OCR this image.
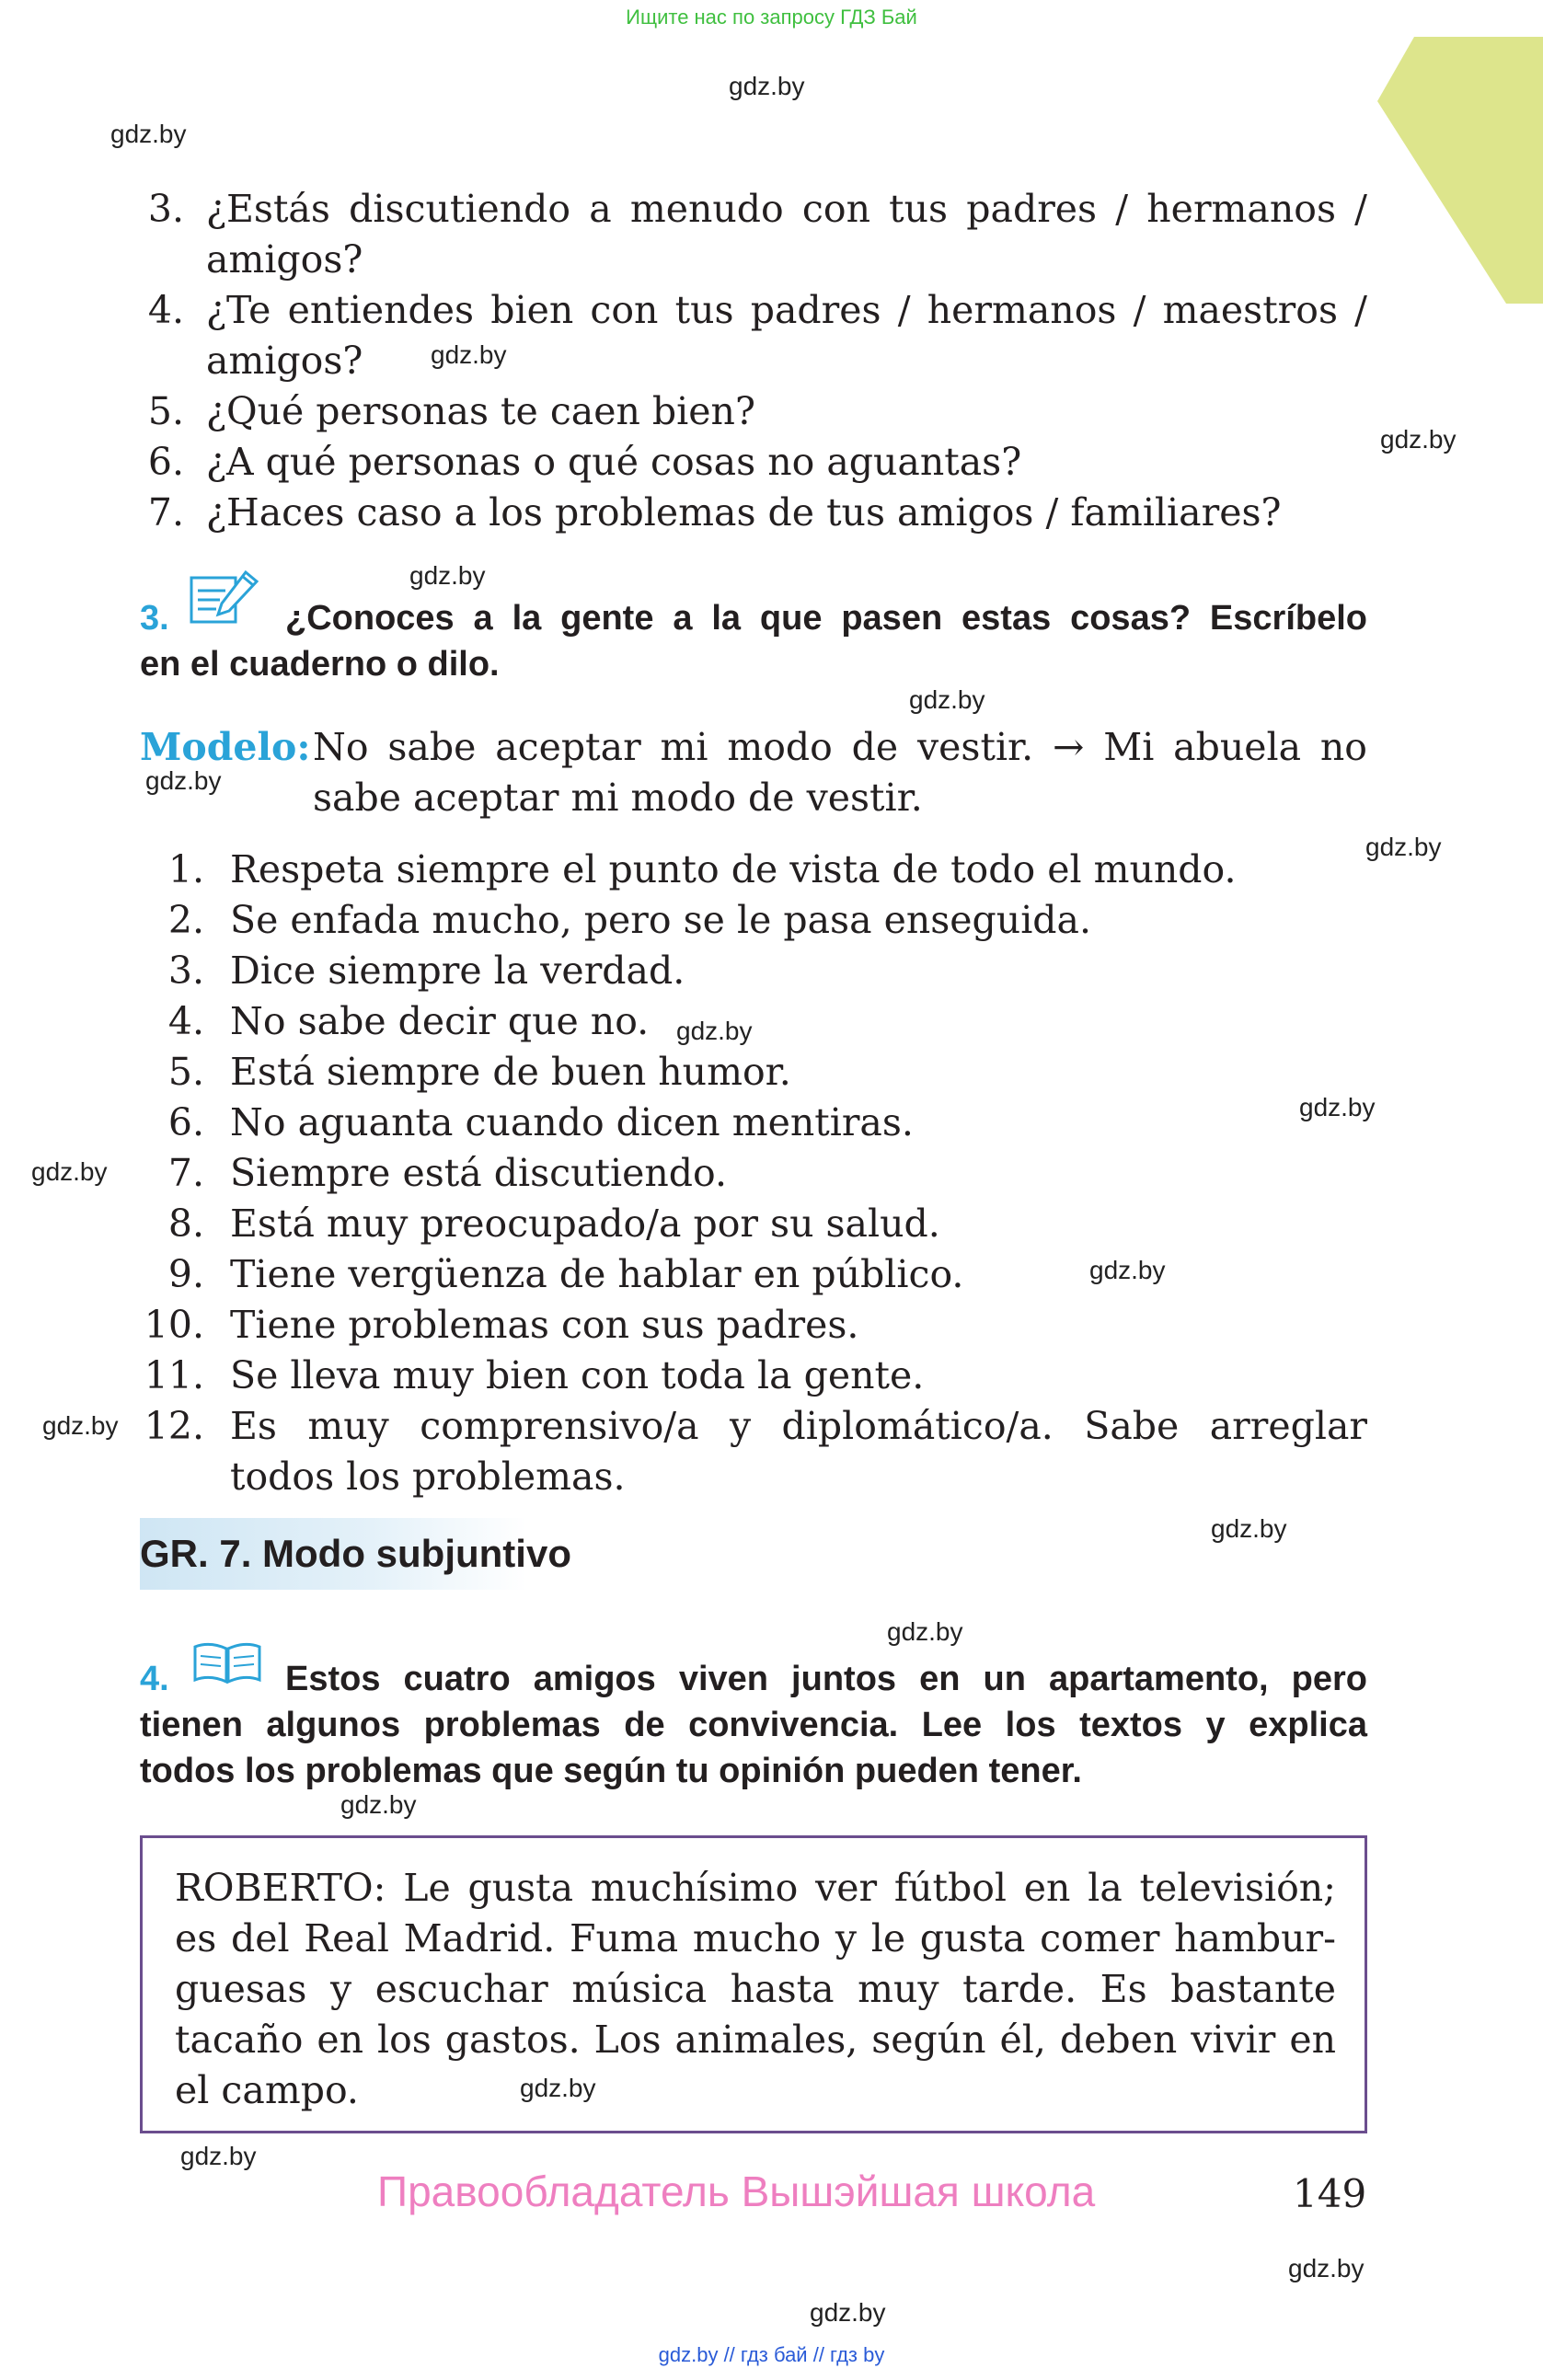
Ищите нас по запросу ГДЗ Бай
gdz.by
gdz.by
gdz.by
gdz.by
gdz.by
gdz.by
gdz.by
gdz.by
gdz.by
gdz.by
gdz.by
gdz.by
gdz.by
gdz.by
gdz.by
gdz.by
gdz.by
gdz.by
gdz.by
gdz.by
3. ¿Estás discutiendo a menudo con tus padres / hermanos /
amigos?
4. ¿Te entiendes bien con tus padres / hermanos / maestros /
amigos?
5. ¿Qué personas te caen bien?
6. ¿A qué personas o qué cosas no aguantas?
7. ¿Haces caso a los problemas de tus amigos / familiares?
3.	¿Conoces a la gente a la que pasen estas cosas? Escríbelo
en el cuaderno o dilo.
Modelo: No sabe aceptar mi modo de vestir. → Mi abuela no
sabe aceptar mi modo de vestir.
1. Respeta siempre el punto de vista de todo el mundo.
2. Se enfada mucho, pero se le pasa enseguida.
3. Dice siempre la verdad.
4. No sabe decir que no.
5. Está siempre de buen humor.
6. No aguanta cuando dicen mentiras.
7. Siempre está discutiendo.
8. Está muy preocupado/a por su salud.
9. Tiene vergüenza de hablar en público.
10. Tiene problemas con sus padres.
11. Se lleva muy bien con toda la gente.
12. Es muy comprensivo/a y diplomático/a. Sabe arreglar
todos los problemas.
GR. 7. Modo subjuntivo
4.	Estos cuatro amigos viven juntos en un apartamento, pero
tienen algunos problemas de convivencia. Lee los textos y explica
todos los problemas que según tu opinión pueden tener.
ROBERTO: Le gusta muchísimo ver fútbol en la televisión;
es del Real Madrid. Fuma mucho y le gusta comer hambur-
guesas y escuchar música hasta muy tarde. Es bastante
tacaño en los gastos. Los animales, según él, deben vivir en
el campo.
Правообладатель Вышэйшая школа	149
gdz.by // гдз бай // гдз by
